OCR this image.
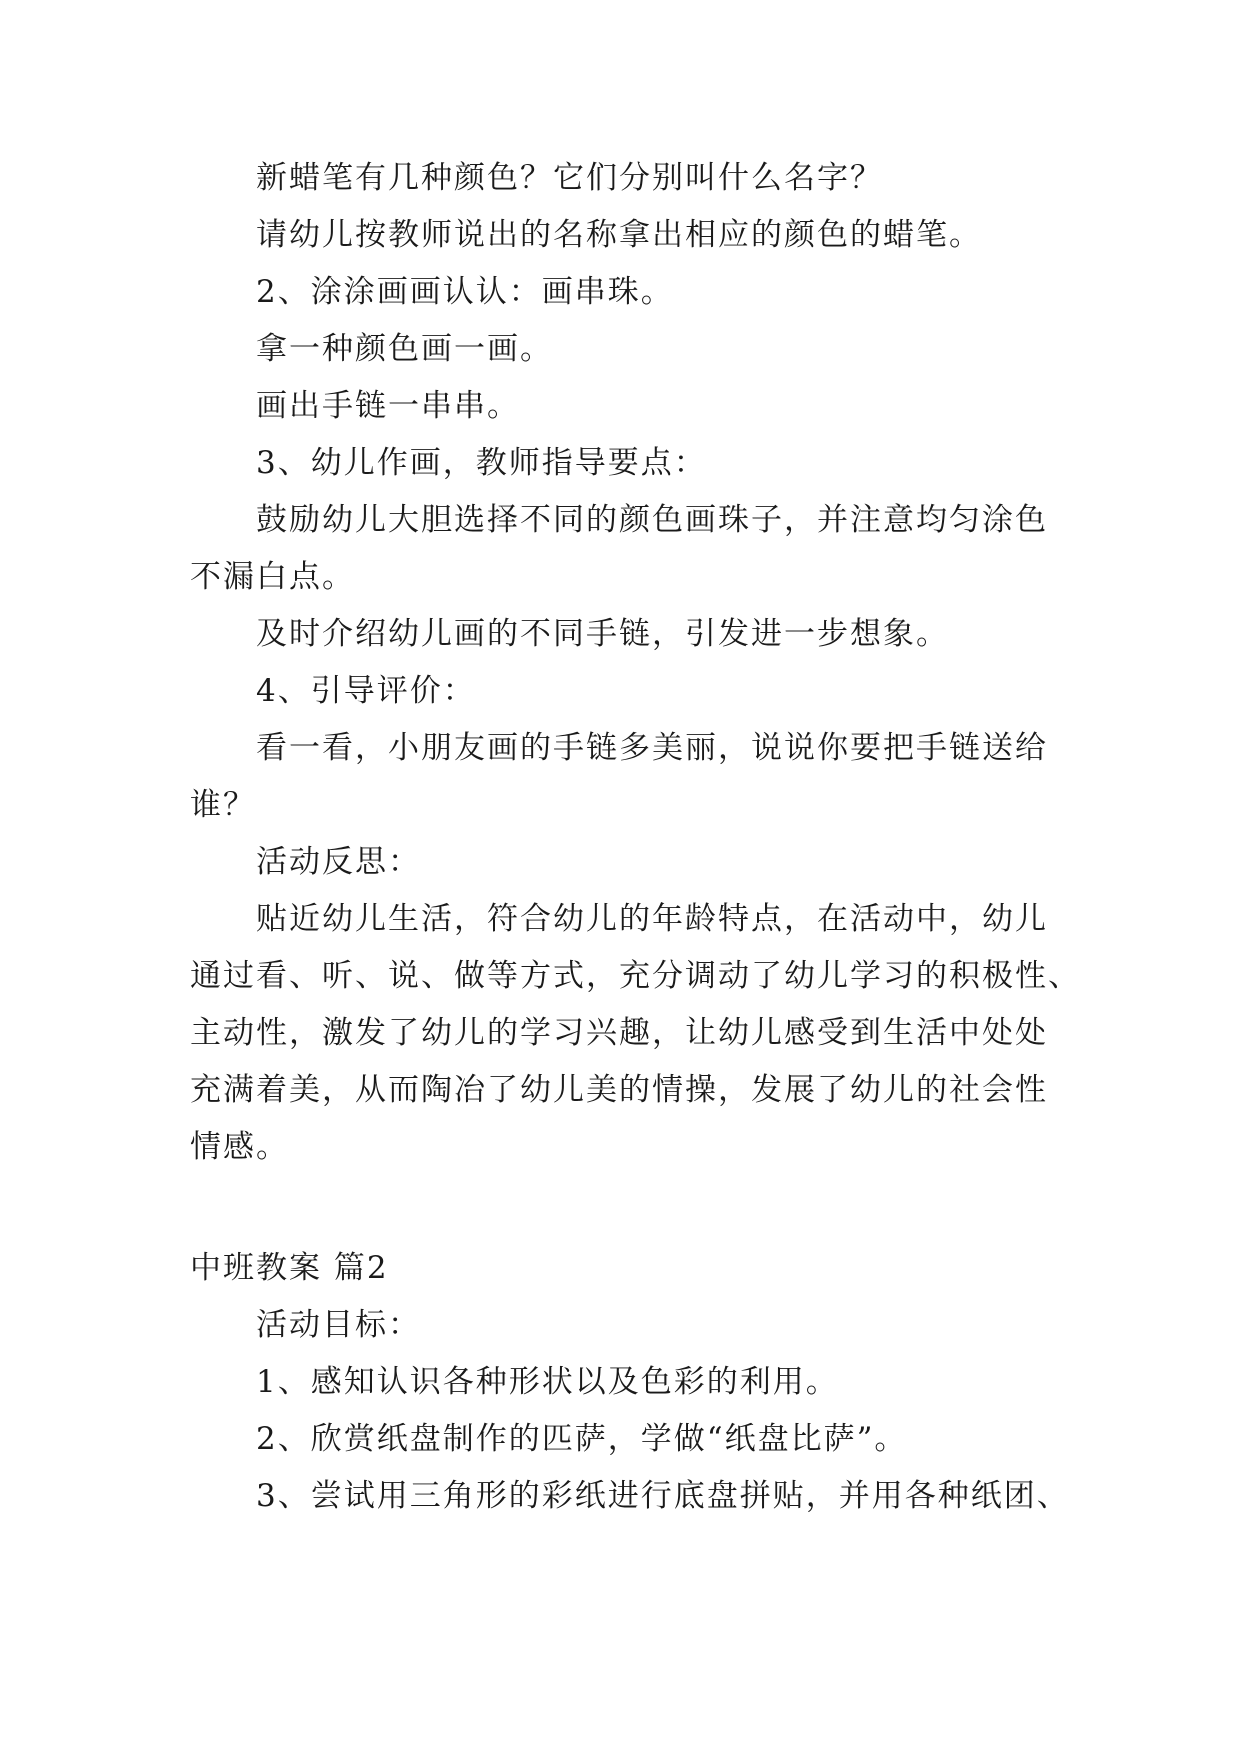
新蜡笔有几种颜色？它们分别叫什么名字？
请幼儿按教师说出的名称拿出相应的颜色的蜡笔。
2、涂涂画画认认：画串珠。
拿一种颜色画一画。
画出手链一串串。
3、幼儿作画，教师指导要点：
鼓励幼儿大胆选择不同的颜色画珠子，并注意均匀涂色
不漏白点。
及时介绍幼儿画的不同手链，引发进一步想象。
4、引导评价：
看一看，小朋友画的手链多美丽，说说你要把手链送给
谁？
活动反思：
贴近幼儿生活，符合幼儿的年龄特点，在活动中，幼儿
通过看、听、说、做等方式，充分调动了幼儿学习的积极性、
主动性，激发了幼儿的学习兴趣，让幼儿感受到生活中处处
充满着美，从而陶冶了幼儿美的情操，发展了幼儿的社会性
情感。
中班教案 篇2
活动目标：
1、感知认识各种形状以及色彩的利用。
2、欣赏纸盘制作的匹萨，学做“纸盘比萨”。
3、尝试用三角形的彩纸进行底盘拼贴，并用各种纸团、
